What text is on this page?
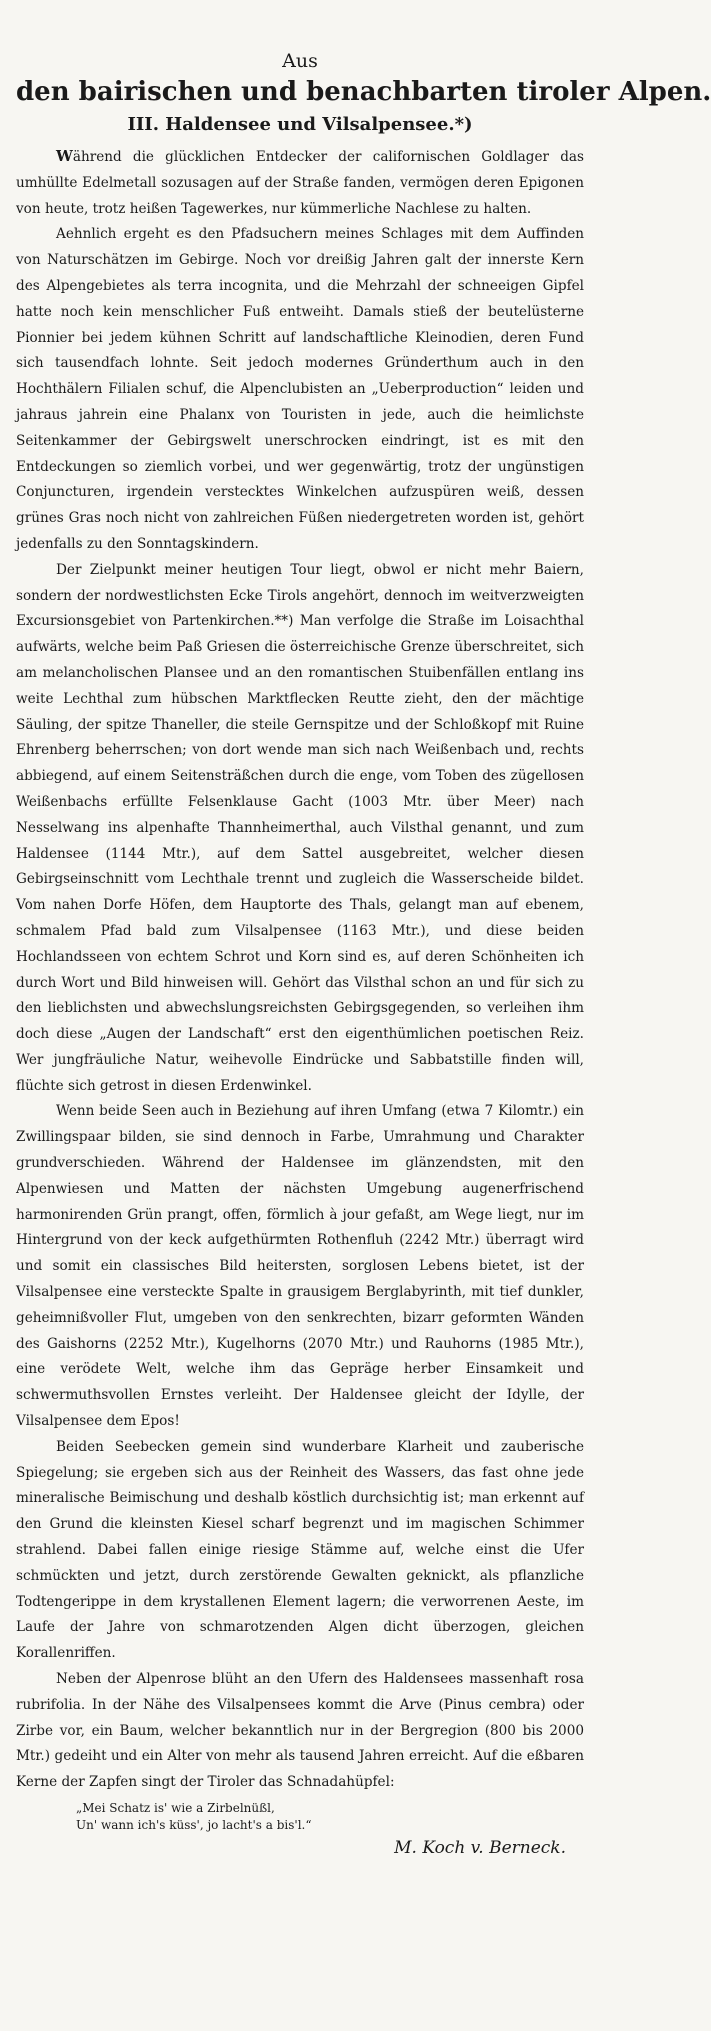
Aus

den bairischen und benachbarten tiroler Alpen.
III. Haldensee und Vilsalpensee.*)

Während die glücklichen Entdecker der californischen Goldlager das umhüllte Edelmetall sozusagen auf der Straße fanden, vermögen deren Epigonen von heute, trotz heißen Tagewerkes, nur kümmerliche Nachlese zu halten.

Aehnlich ergeht es den Pfadsuchern meines Schlages mit dem Auffinden von Naturschätzen im Gebirge. Noch vor dreißig Jahren galt der innerste Kern des Alpengebietes als terra incognita, und die Mehrzahl der schneeigen Gipfel hatte noch kein menschlicher Fuß entweiht. Damals stieß der beutelüsterne Pionnier bei jedem kühnen Schritt auf landschaftliche Kleinodien, deren Fund sich tausendfach lohnte. Seit jedoch modernes Gründerthum auch in den Hochthälern Filialen schuf, die Alpenclubisten an „Ueberproduction“ leiden und jahraus jahrein eine Phalanx von Touristen in jede, auch die heimlichste Seitenkammer der Gebirgswelt unerschrocken eindringt, ist es mit den Entdeckungen so ziemlich vorbei, und wer gegenwärtig, trotz der ungünstigen Conjuncturen, irgendein verstecktes Winkelchen aufzuspüren weiß, dessen grünes Gras noch nicht von zahlreichen Füßen niedergetreten worden ist, gehört jedenfalls zu den Sonntagskindern.

Der Zielpunkt meiner heutigen Tour liegt, obwol er nicht mehr Baiern, sondern der nordwestlichsten Ecke Tirols angehört, dennoch im weitverzweigten Excursionsgebiet von Partenkirchen.**) Man verfolge die Straße im Loisachthal aufwärts, welche beim Paß Griesen die österreichische Grenze überschreitet, sich am melancholischen Plansee und an den romantischen Stuibenfällen entlang ins weite Lechthal zum hübschen Marktflecken Reutte zieht, den der mächtige Säuling, der spitze Thaneller, die steile Gernspitze und der Schloßkopf mit Ruine Ehrenberg beherrschen; von dort wende man sich nach Weißenbach und, rechts abbiegend, auf einem Seitensträßchen durch die enge, vom Toben des zügellosen Weißenbachs erfüllte Felsenklause Gacht (1003 Mtr. über Meer) nach Nesselwang ins alpenhafte Thannheimerthal, auch Vilsthal genannt, und zum Haldensee (1144 Mtr.), auf dem Sattel ausgebreitet, welcher diesen Gebirgseinschnitt vom Lechthale trennt und zugleich die Wasserscheide bildet. Vom nahen Dorfe Höfen, dem Hauptorte des Thals, gelangt man auf ebenem, schmalem Pfad bald zum Vilsalpensee (1163 Mtr.), und diese beiden Hochlandsseen von echtem Schrot und Korn sind es, auf deren Schönheiten ich durch Wort und Bild hinweisen will. Gehört das Vilsthal schon an und für sich zu den lieblichsten und abwechslungsreichsten Gebirgsgegenden, so verleihen ihm doch diese „Augen der Landschaft“ erst den eigenthümlichen poetischen Reiz. Wer jungfräuliche Natur, weihevolle Eindrücke und Sabbatstille finden will, flüchte sich getrost in diesen Erdenwinkel.

Wenn beide Seen auch in Beziehung auf ihren Umfang (etwa 7 Kilomtr.) ein Zwillingspaar bilden, sie sind dennoch in Farbe, Umrahmung und Charakter grundverschieden. Während der Haldensee im glänzendsten, mit den Alpenwiesen und Matten der nächsten Umgebung augenerfrischend harmonirenden Grün prangt, offen, förmlich à jour gefaßt, am Wege liegt, nur im Hintergrund von der keck aufgethürmten Rothenfluh (2242 Mtr.) überragt wird und somit ein classisches Bild heitersten, sorglosen Lebens bietet, ist der Vilsalpensee eine versteckte Spalte in grausigem Berglabyrinth, mit tief dunkler, geheimnißvoller Flut, umgeben von den senkrechten, bizarr geformten Wänden des Gaishorns (2252 Mtr.), Kugelhorns (2070 Mtr.) und Rauhorns (1985 Mtr.), eine verödete Welt, welche ihm das Gepräge herber Einsamkeit und schwermuthsvollen Ernstes verleiht. Der Haldensee gleicht der Idylle, der Vilsalpensee dem Epos!

Beiden Seebecken gemein sind wunderbare Klarheit und zauberische Spiegelung; sie ergeben sich aus der Reinheit des Wassers, das fast ohne jede mineralische Beimischung und deshalb köstlich durchsichtig ist; man erkennt auf den Grund die kleinsten Kiesel scharf begrenzt und im magischen Schimmer strahlend. Dabei fallen einige riesige Stämme auf, welche einst die Ufer schmückten und jetzt, durch zerstörende Gewalten geknickt, als pflanzliche Todtengerippe in dem krystallenen Element lagern; die verworrenen Aeste, im Laufe der Jahre von schmarotzenden Algen dicht überzogen, gleichen Korallenriffen.

Neben der Alpenrose blüht an den Ufern des Haldensees massenhaft rosa rubrifolia. In der Nähe des Vilsalpensees kommt die Arve (Pinus cembra) oder Zirbe vor, ein Baum, welcher bekanntlich nur in der Bergregion (800 bis 2000 Mtr.) gedeiht und ein Alter von mehr als tausend Jahren erreicht. Auf die eßbaren Kerne der Zapfen singt der Tiroler das Schnadahüpfel:

„Mei Schatz is' wie a Zirbelnüßl,
Un' wann ich's küss', jo lacht's a bis'l.“

M. Koch v. Berneck.
